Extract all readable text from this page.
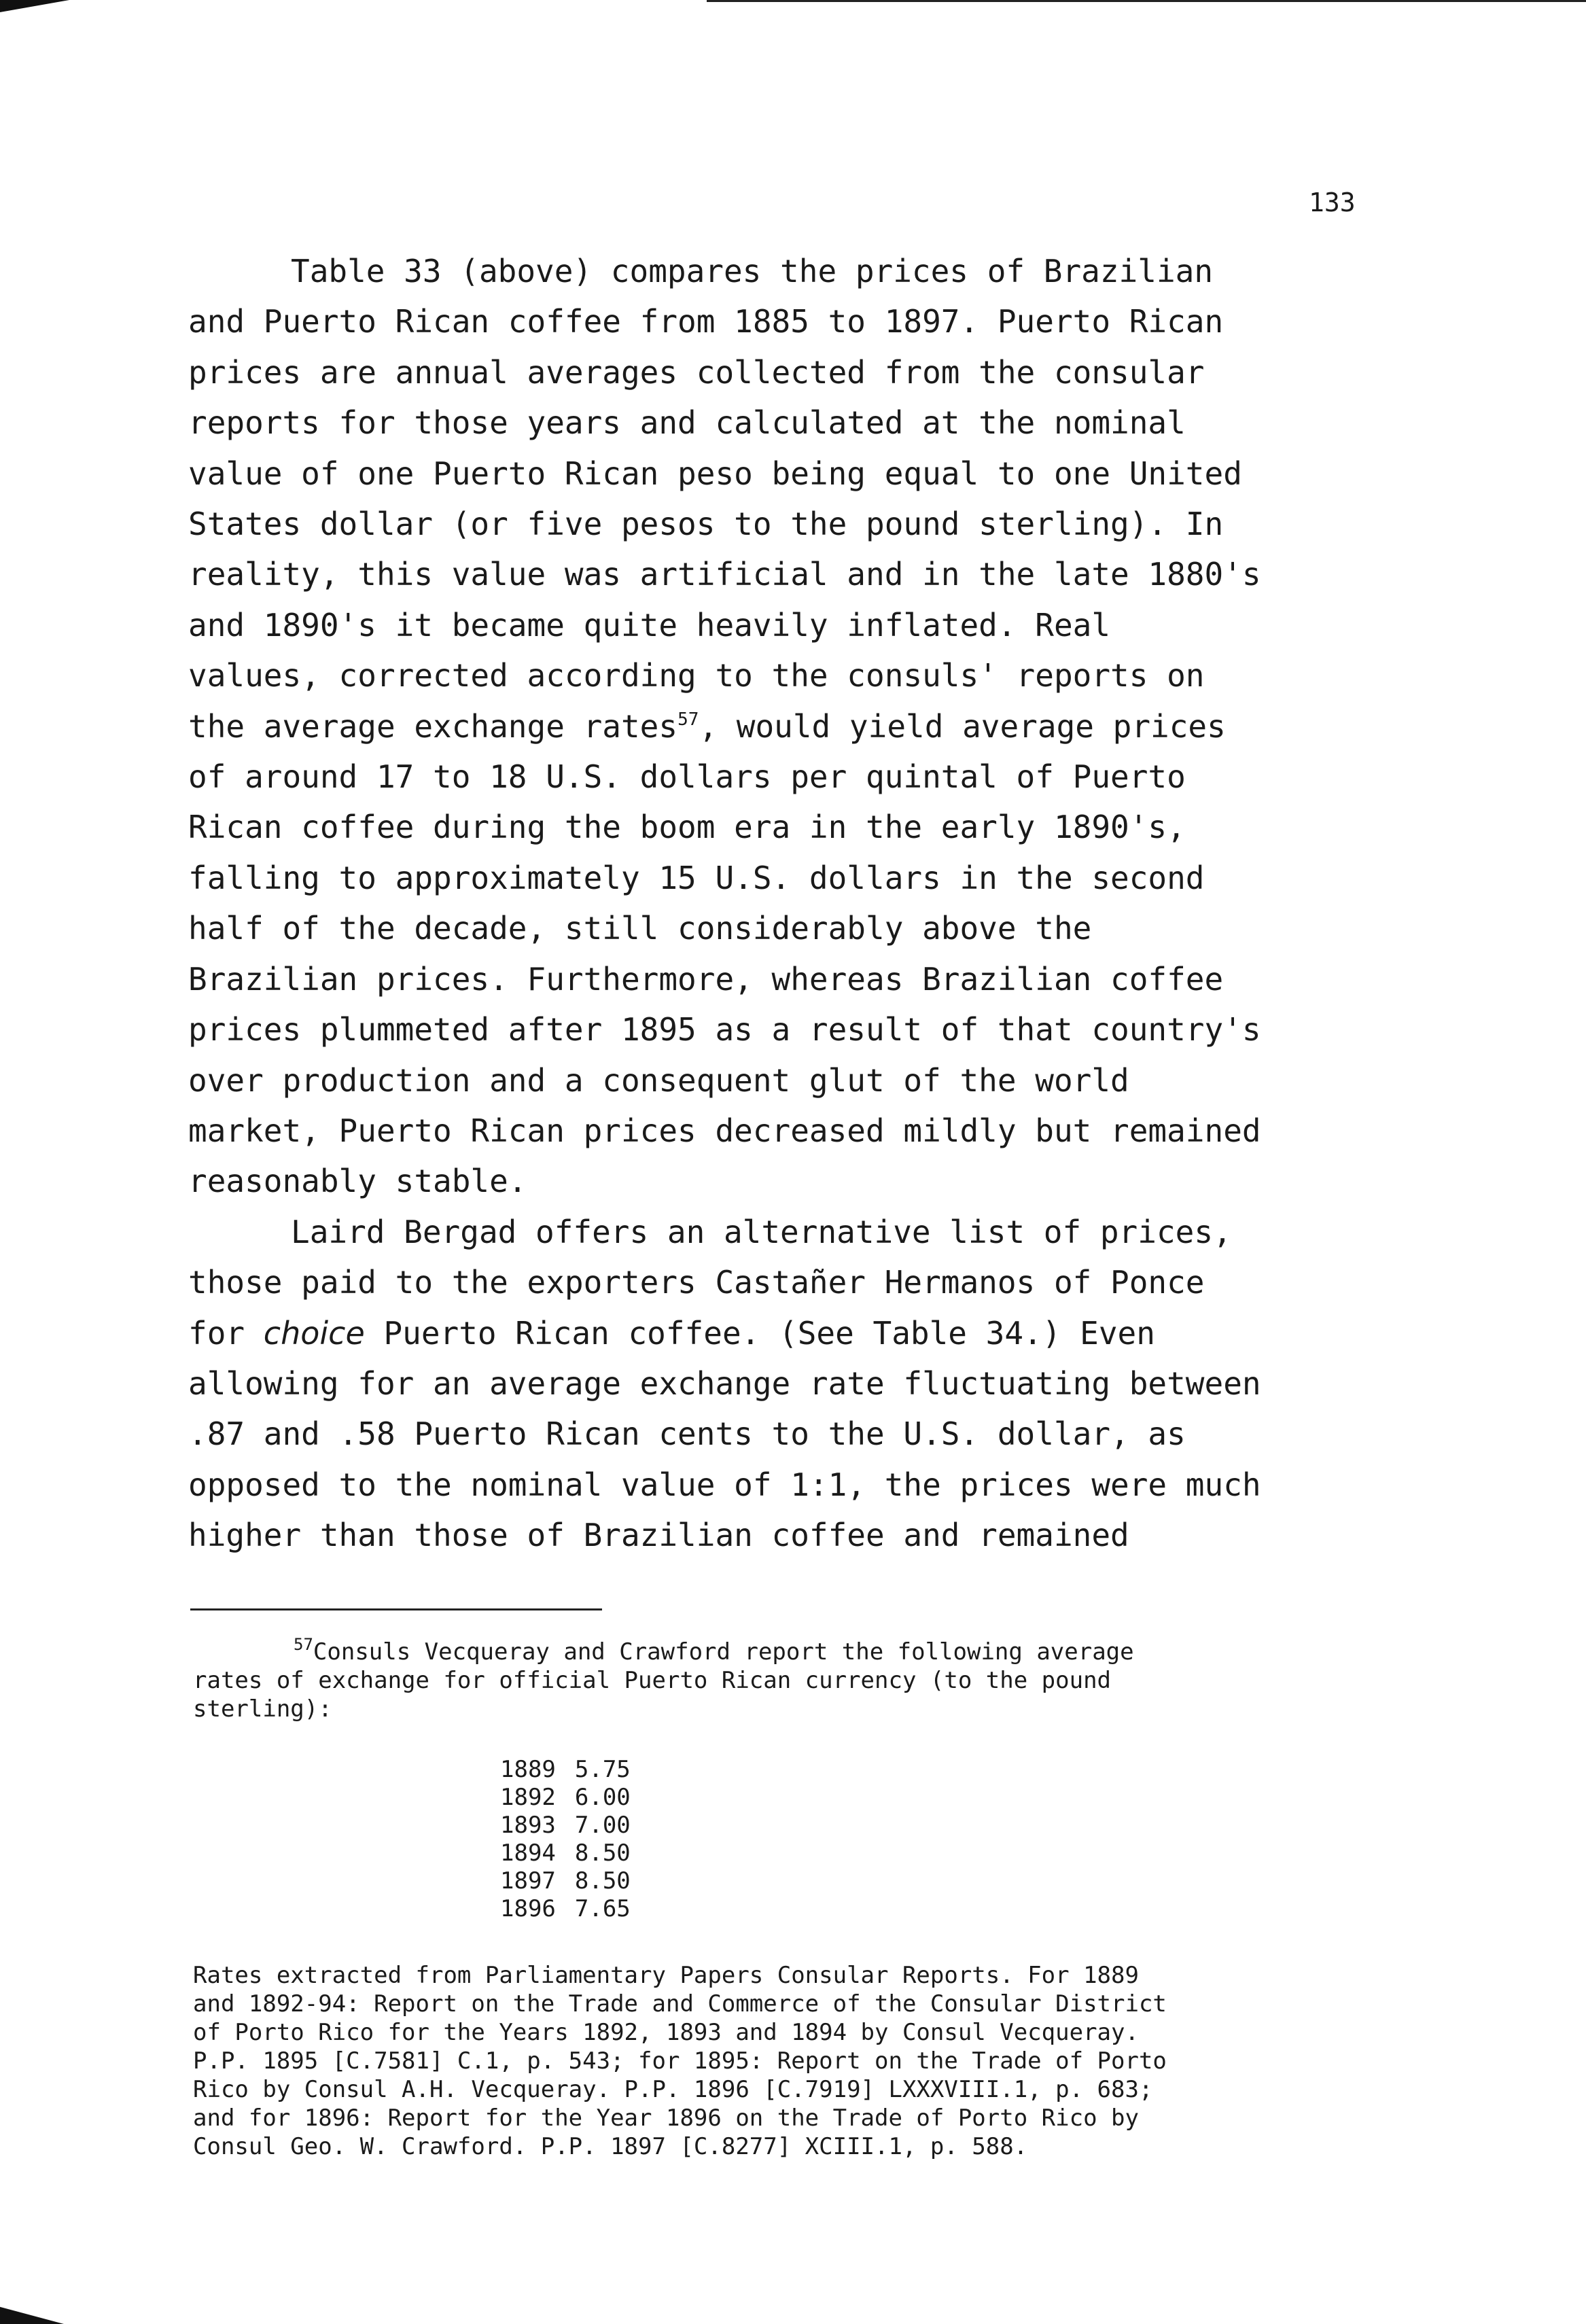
133

Table 33 (above) compares the prices of Brazilian
and Puerto Rican coffee from 1885 to 1897. Puerto Rican
prices are annual averages collected from the consular
reports for those years and calculated at the nominal
value of one Puerto Rican peso being equal to one United
States dollar (or five pesos to the pound sterling). In
reality, this value was artificial and in the late 1880's
and 1890's it became quite heavily inflated. Real
values, corrected according to the consuls' reports on
the average exchange rates$^{57}$, would yield average prices
of around 17 to 18 U.S. dollars per quintal of Puerto
Rican coffee during the boom era in the early 1890's,
falling to approximately 15 U.S. dollars in the second
half of the decade, still considerably above the
Brazilian prices. Furthermore, whereas Brazilian coffee
prices plummeted after 1895 as a result of that country's
over production and a consequent glut of the world
market, Puerto Rican prices decreased mildly but remained
reasonably stable.

Laird Bergad offers an alternative list of prices,
those paid to the exporters Castañer Hermanos of Ponce
for choice Puerto Rican coffee. (See Table 34.) Even
allowing for an average exchange rate fluctuating between
.87 and .58 Puerto Rican cents to the U.S. dollar, as
opposed to the nominal value of 1:1, the prices were much
higher than those of Brazilian coffee and remained

$^{57}$Consuls Vecqueray and Crawford report the following average
rates of exchange for official Puerto Rican currency (to the pound
sterling):

1889	5.75
1892	6.00
1893	7.00
1894	8.50
1897	8.50
1896	7.65

Rates extracted from Parliamentary Papers Consular Reports. For 1889
and 1892-94: Report on the Trade and Commerce of the Consular District
of Porto Rico for the Years 1892, 1893 and 1894 by Consul Vecqueray.
P.P. 1895 [C.7581] C.1, p. 543; for 1895: Report on the Trade of Porto
Rico by Consul A.H. Vecqueray. P.P. 1896 [C.7919] LXXXVIII.1, p. 683;
and for 1896: Report for the Year 1896 on the Trade of Porto Rico by
Consul Geo. W. Crawford. P.P. 1897 [C.8277] XCIII.1, p. 588.
